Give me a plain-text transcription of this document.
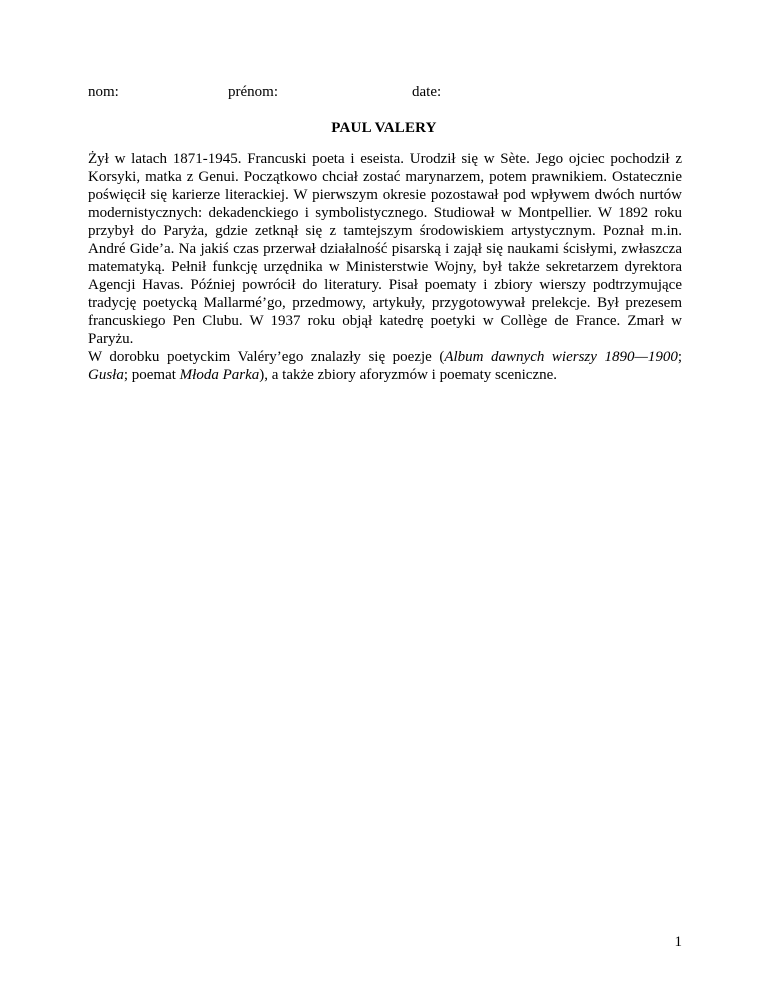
nom:	prénom:	date:
PAUL VALERY

Żył w latach 1871-1945. Francuski poeta i eseista. Urodził się w Sète. Jego ojciec pochodził z Korsyki, matka z Genui. Początkowo chciał zostać marynarzem, potem prawnikiem. Ostatecznie poświęcił się karierze literackiej. W pierwszym okresie pozostawał pod wpływem dwóch nurtów modernistycznych: dekadenckiego i symbolistycznego. Studiował w Montpellier. W 1892 roku przybył do Paryża, gdzie zetknął się z tamtejszym środowiskiem artystycznym. Poznał m.in. André Gide’a. Na jakiś czas przerwał działalność pisarską i zajął się naukami ścisłymi, zwłaszcza matematyką. Pełnił funkcję urzędnika w Ministerstwie Wojny, był także sekretarzem dyrektora Agencji Havas. Później powrócił do literatury. Pisał poematy i zbiory wierszy podtrzymujące tradycję poetycką Mallarmé’go, przedmowy, artykuły, przygotowywał prelekcje. Był prezesem francuskiego Pen Clubu. W 1937 roku objął katedrę poetyki w Collège de France. Zmarł w Paryżu.

W dorobku poetyckim Valéry’ego znalazły się poezje (Album dawnych wierszy 1890—1900; Gusła; poemat Młoda Parka), a także zbiory aforyzmów i poematy sceniczne.

1
